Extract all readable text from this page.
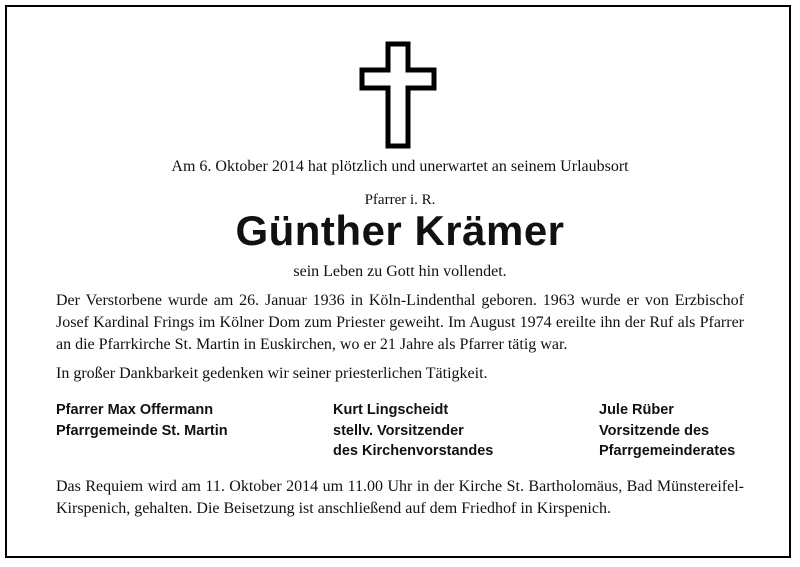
Am 6. Oktober 2014 hat plötzlich und unerwartet an seinem Urlaubsort
Pfarrer i. R.
Günther Krämer
sein Leben zu Gott hin vollendet.
Der Verstorbene wurde am 26. Januar 1936 in Köln-Lindenthal geboren. 1963 wurde er von Erzbischof Josef Kardinal Frings im Kölner Dom zum Priester geweiht. Im August 1974 ereilte ihn der Ruf als Pfarrer an die Pfarrkirche St. Martin in Euskirchen, wo er 21 Jahre als Pfarrer tätig war.
In großer Dankbarkeit gedenken wir seiner priesterlichen Tätigkeit.
Pfarrer Max Offermann
Pfarrgemeinde St. Martin
Kurt Lingscheidt
stellv. Vorsitzender
des Kirchenvorstandes
Jule Rüber
Vorsitzende des
Pfarrgemeinderates
Das Requiem wird am 11. Oktober 2014 um 11.00 Uhr in der Kirche St. Bartholomäus, Bad Münstereifel-Kirspenich, gehalten. Die Beisetzung ist anschließend auf dem Friedhof in Kirspenich.
